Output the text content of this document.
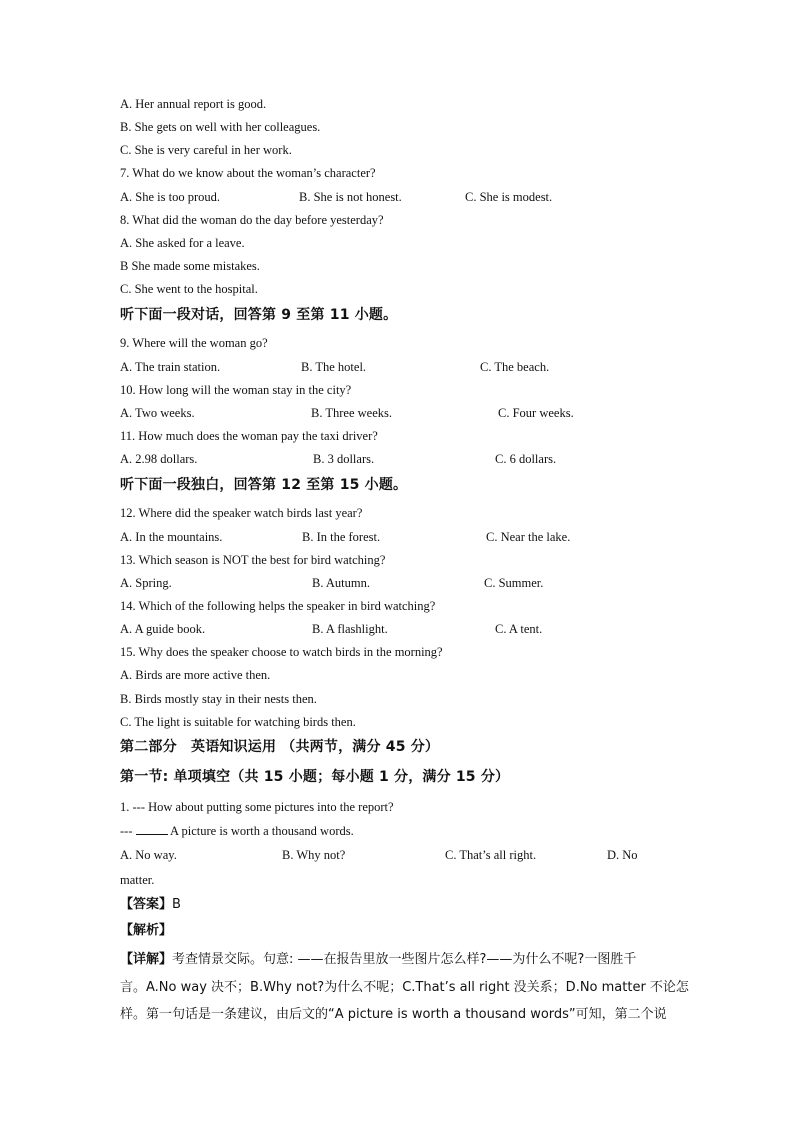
A. Her annual report is good.
B. She gets on well with her colleagues.
C. She is very careful in her work.
7. What do we know about the woman’s character?
A. She is too proud.	B. She is not honest.	C. She is modest.
8. What did the woman do the day before yesterday?
A. She asked for a leave.
B She made some mistakes.
C. She went to the hospital.
听下面一段对话，回答第 9 至第 11 小题。
9. Where will the woman go?
A. The train station.	B. The hotel.	C. The beach.
10. How long will the woman stay in the city?
A. Two weeks.	B. Three weeks.	C. Four weeks.
11. How much does the woman pay the taxi driver?
A. 2.98 dollars.	B. 3 dollars.	C. 6 dollars.
听下面一段独白，回答第 12 至第 15 小题。
12. Where did the speaker watch birds last year?
A. In the mountains.	B. In the forest.	C. Near the lake.
13. Which season is NOT the best for bird watching?
A. Spring.	B. Autumn.	C. Summer.
14. Which of the following helps the speaker in bird watching?
A. A guide book.	B. A flashlight.	C. A tent.
15. Why does the speaker choose to watch birds in the morning?
A. Birds are more active then.
B. Birds mostly stay in their nests then.
C. The light is suitable for watching birds then.
第二部分　英语知识运用 （共两节，满分 45 分）
第一节: 单项填空（共 15 小题；每小题 1 分，满分 15 分）
1. --- How about putting some pictures into the report?
---	A picture is worth a thousand words.
A. No way.	B. Why not?	C. That’s all right.	D. No
matter.
【答案】B
【解析】
【详解】考查情景交际。句意: ——在报告里放一些图片怎么样?——为什么不呢?一图胜千
言。A.No way 决不；B.Why not?为什么不呢；C.That’s all right 没关系；D.No matter 不论怎
样。第一句话是一条建议，由后文的“A picture is worth a thousand words”可知，第二个说
